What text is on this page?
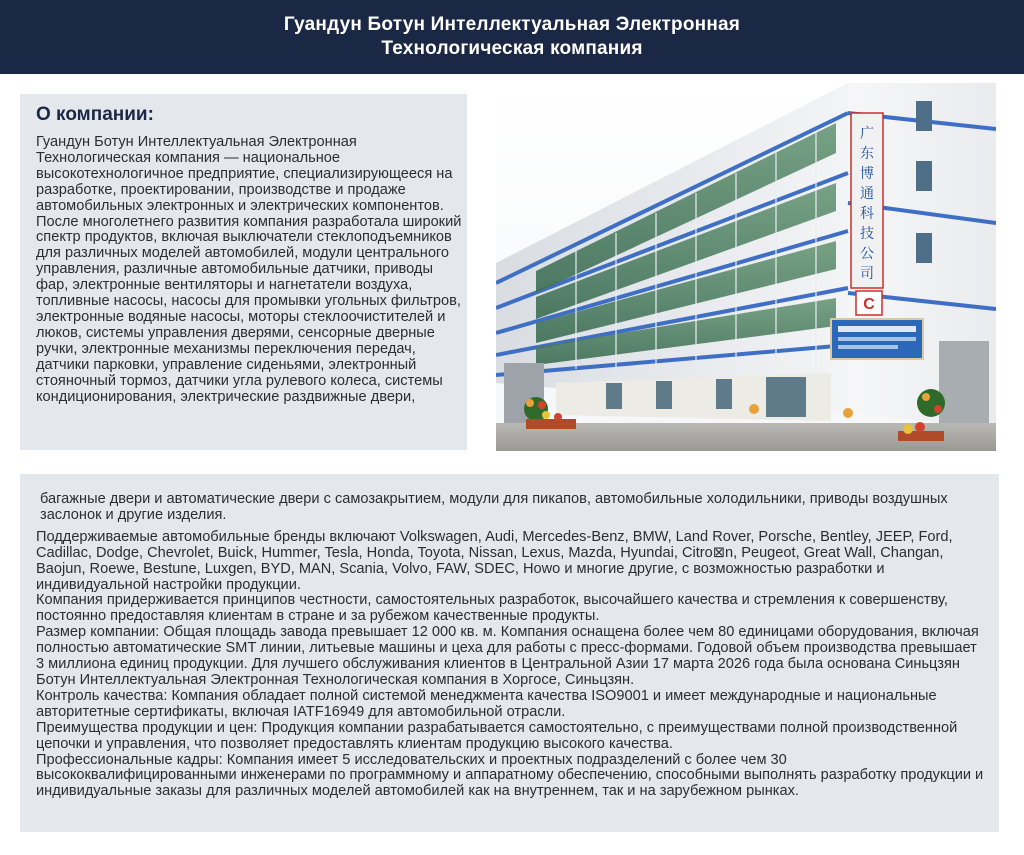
Гуандун Ботун Интеллектуальная Электронная
Технологическая компания
О компании:

Гуандун Ботун Интеллектуальная Электронная Технологическая компания — национальное высокотехнологичное предприятие, специализирующееся на разработке, проектировании, производстве и продаже автомобильных электронных и электрических компонентов.

После многолетнего развития компания разработала широкий спектр продуктов, включая выключатели стеклоподъемников для различных моделей автомобилей, модули центрального управления, различные автомобильные датчики, приводы фар, электронные вентиляторы и нагнетатели воздуха, топливные насосы, насосы для промывки угольных фильтров, электронные водяные насосы, моторы стеклоочистителей и люков, системы управления дверями, сенсорные дверные ручки, электронные механизмы переключения передач, датчики парковки, управление сиденьями, электронный стояночный тормоз, датчики угла рулевого колеса, системы кондиционирования, электрические раздвижные двери,

广
东
博
通
科
技
公
司
C

багажные двери и автоматические двери с самозакрытием, модули для пикапов, автомобильные холодильники, приводы воздушных заслонок и другие изделия.

Поддерживаемые автомобильные бренды включают Volkswagen, Audi, Mercedes-Benz, BMW, Land Rover, Porsche, Bentley, JEEP, Ford, Cadillac, Dodge, Chevrolet, Buick, Hummer, Tesla, Honda, Toyota, Nissan, Lexus, Mazda, Hyundai, Citro⊠n, Peugeot, Great Wall, Changan, Baojun, Roewe, Bestune, Luxgen, BYD, MAN, Scania, Volvo, FAW, SDEC, Howo и многие другие, с возможностью разработки и индивидуальной настройки продукции.

Компания придерживается принципов честности, самостоятельных разработок, высочайшего качества и стремления к совершенству, постоянно предоставляя клиентам в стране и за рубежом качественные продукты.

Размер компании: Общая площадь завода превышает 12 000 кв. м. Компания оснащена более чем 80 единицами оборудования, включая полностью автоматические SMT линии, литьевые машины и цеха для работы с пресс-формами. Годовой объем производства превышает 3 миллиона единиц продукции. Для лучшего обслуживания клиентов в Центральной Азии 17 марта 2026 года была основана Синьцзян Ботун Интеллектуальная Электронная Технологическая компания в Хоргосе, Синьцзян.

Контроль качества: Компания обладает полной системой менеджмента качества ISO9001 и имеет международные и национальные авторитетные сертификаты, включая IATF16949 для автомобильной отрасли.

Преимущества продукции и цен: Продукция компании разрабатывается самостоятельно, с преимуществами полной производственной цепочки и управления, что позволяет предоставлять клиентам продукцию высокого качества.

Профессиональные кадры: Компания имеет 5 исследовательских и проектных подразделений с более чем 30 высококвалифицированными инженерами по программному и аппаратному обеспечению, способными выполнять разработку продукции и индивидуальные заказы для различных моделей автомобилей как на внутреннем, так и на зарубежном рынках.
